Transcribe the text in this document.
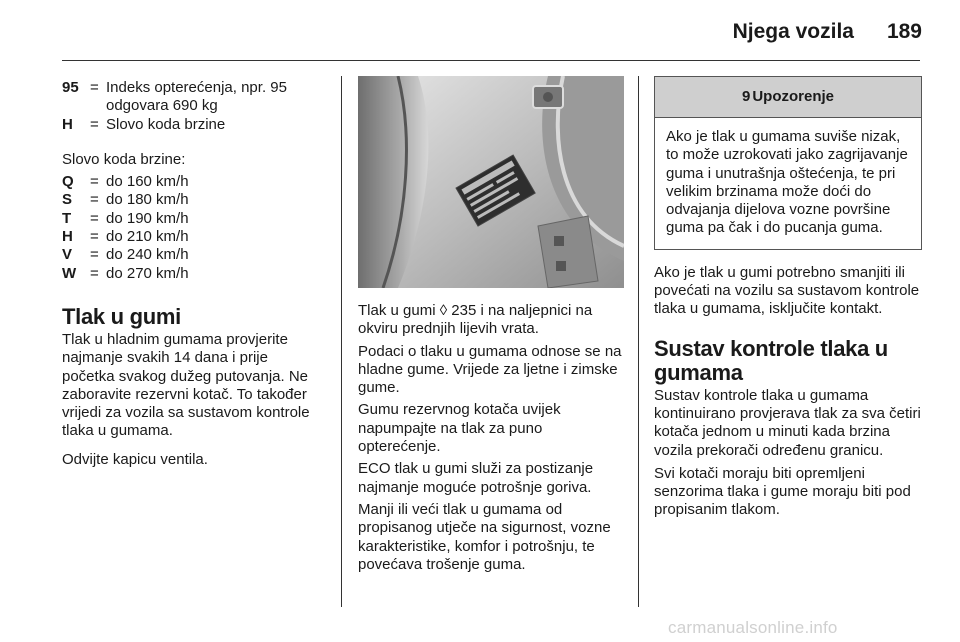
Njega vozila 189
95 = Indeks opterećenja, npr. 95 odgovara 690 kg
H	= Slovo koda brzine

Slovo koda brzine:

Q	= do 160 km/h
S	= do 180 km/h
T	= do 190 km/h
H	= do 210 km/h
V	= do 240 km/h
W = do 270 km/h
Tlak u gumi

Tlak u hladnim gumama provjerite najmanje svakih 14 dana i prije početka svakog dužeg putovanja. Ne zaboravite rezervni kotač. To također vrijedi za vozila sa sustavom kontrole tlaka u gumama.

Odvijte kapicu ventila.

Tlak u gumi ◊ 235 i na naljepnici na okviru prednjih lijevih vrata.

Podaci o tlaku u gumama odnose se na hladne gume. Vrijede za ljetne i zimske gume.

Gumu rezervnog kotača uvijek napumpajte na tlak za puno opterećenje.

ECO tlak u gumi služi za postizanje najmanje moguće potrošnje goriva.

Manji ili veći tlak u gumama od propisanog utječe na sigurnost, vozne karakteristike, komfor i potrošnju, te povećava trošenje guma.

9 Upozorenje

Ako je tlak u gumama suviše nizak, to može uzrokovati jako zagrijavanje guma i unutrašnja oštećenja, te pri velikim brzinama može doći do odvajanja dijelova vozne površine guma pa čak i do pucanja guma.

Ako je tlak u gumi potrebno smanjiti ili povećati na vozilu sa sustavom kontrole tlaka u gumama, isključite kontakt.

Sustav kontrole tlaka u gumama

Sustav kontrole tlaka u gumama kontinuirano provjerava tlak za sva četiri kotača jednom u minuti kada brzina vozila prekorači određenu granicu.

Svi kotači moraju biti opremljeni senzorima tlaka i gume moraju biti pod propisanim tlakom.

carmanualsonline.info
